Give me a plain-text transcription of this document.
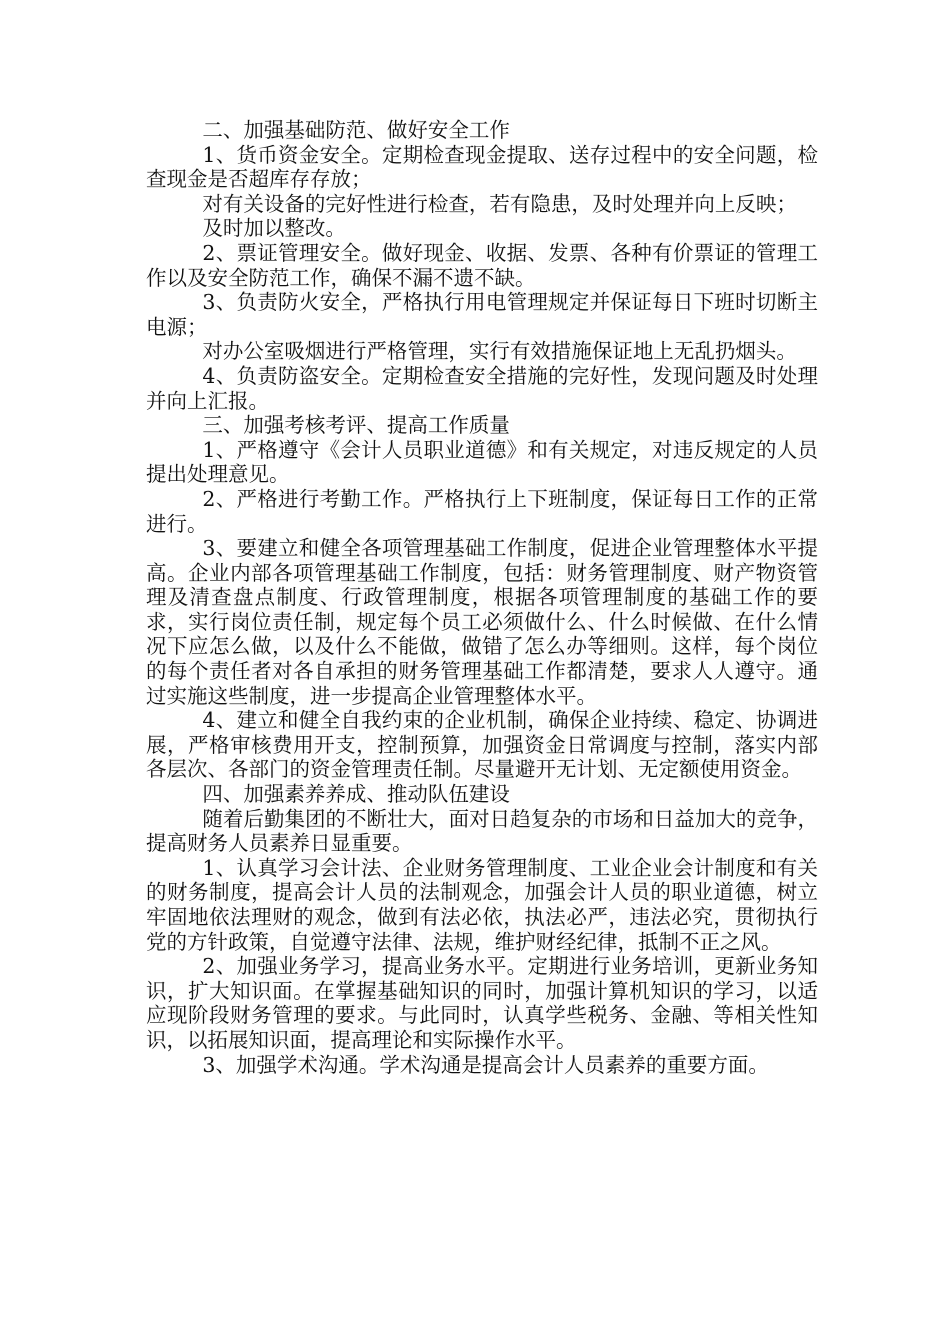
二、加强基础防范、做好安全工作

1、货币资金安全。定期检查现金提取、送存过程中的安全问题，检查现金是否超库存存放；

对有关设备的完好性进行检查，若有隐患，及时处理并向上反映；

及时加以整改。

2、票证管理安全。做好现金、收据、发票、各种有价票证的管理工作以及安全防范工作，确保不漏不遗不缺。

3、负责防火安全，严格执行用电管理规定并保证每日下班时切断主电源；

对办公室吸烟进行严格管理，实行有效措施保证地上无乱扔烟头。

4、负责防盗安全。定期检查安全措施的完好性，发现问题及时处理并向上汇报。

三、加强考核考评、提高工作质量

1、严格遵守《会计人员职业道德》和有关规定，对违反规定的人员提出处理意见。

2、严格进行考勤工作。严格执行上下班制度，保证每日工作的正常进行。

3、要建立和健全各项管理基础工作制度，促进企业管理整体水平提高。企业内部各项管理基础工作制度，包括：财务管理制度、财产物资管理及清查盘点制度、行政管理制度，根据各项管理制度的基础工作的要求，实行岗位责任制，规定每个员工必须做什么、什么时候做、在什么情况下应怎么做，以及什么不能做，做错了怎么办等细则。这样，每个岗位的每个责任者对各自承担的财务管理基础工作都清楚，要求人人遵守。通过实施这些制度，进一步提高企业管理整体水平。

4、建立和健全自我约束的企业机制，确保企业持续、稳定、协调进展，严格审核费用开支，控制预算，加强资金日常调度与控制，落实内部各层次、各部门的资金管理责任制。尽量避开无计划、无定额使用资金。

四、加强素养养成、推动队伍建设

随着后勤集团的不断壮大，面对日趋复杂的市场和日益加大的竞争，提高财务人员素养日显重要。

1、认真学习会计法、企业财务管理制度、工业企业会计制度和有关的财务制度，提高会计人员的法制观念，加强会计人员的职业道德，树立牢固地依法理财的观念，做到有法必依，执法必严，违法必究，贯彻执行党的方针政策，自觉遵守法律、法规，维护财经纪律，抵制不正之风。

2、加强业务学习，提高业务水平。定期进行业务培训，更新业务知识，扩大知识面。在掌握基础知识的同时，加强计算机知识的学习，以适应现阶段财务管理的要求。与此同时，认真学些税务、金融、等相关性知识，以拓展知识面，提高理论和实际操作水平。

3、加强学术沟通。学术沟通是提高会计人员素养的重要方面。
